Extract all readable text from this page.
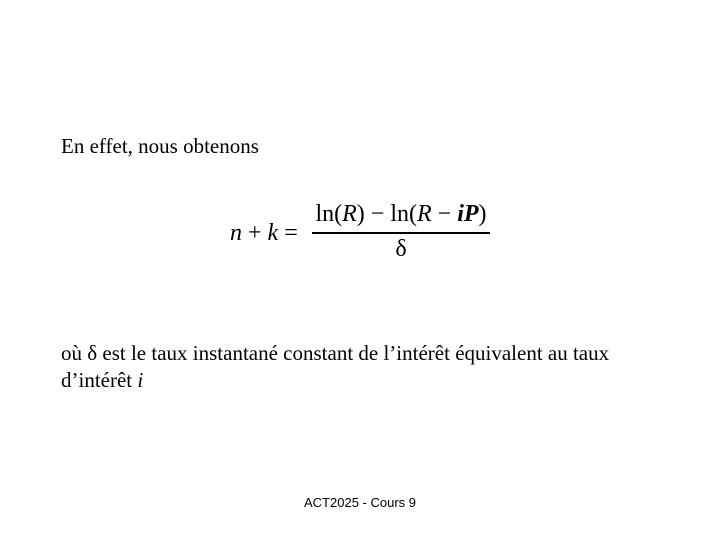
En effet, nous obtenons
n + k =
ln(R) − ln(R − iP)
δ
où δ est le taux instantané constant de l’intérêt équivalent au taux d’intérêt i
ACT2025 - Cours 9
